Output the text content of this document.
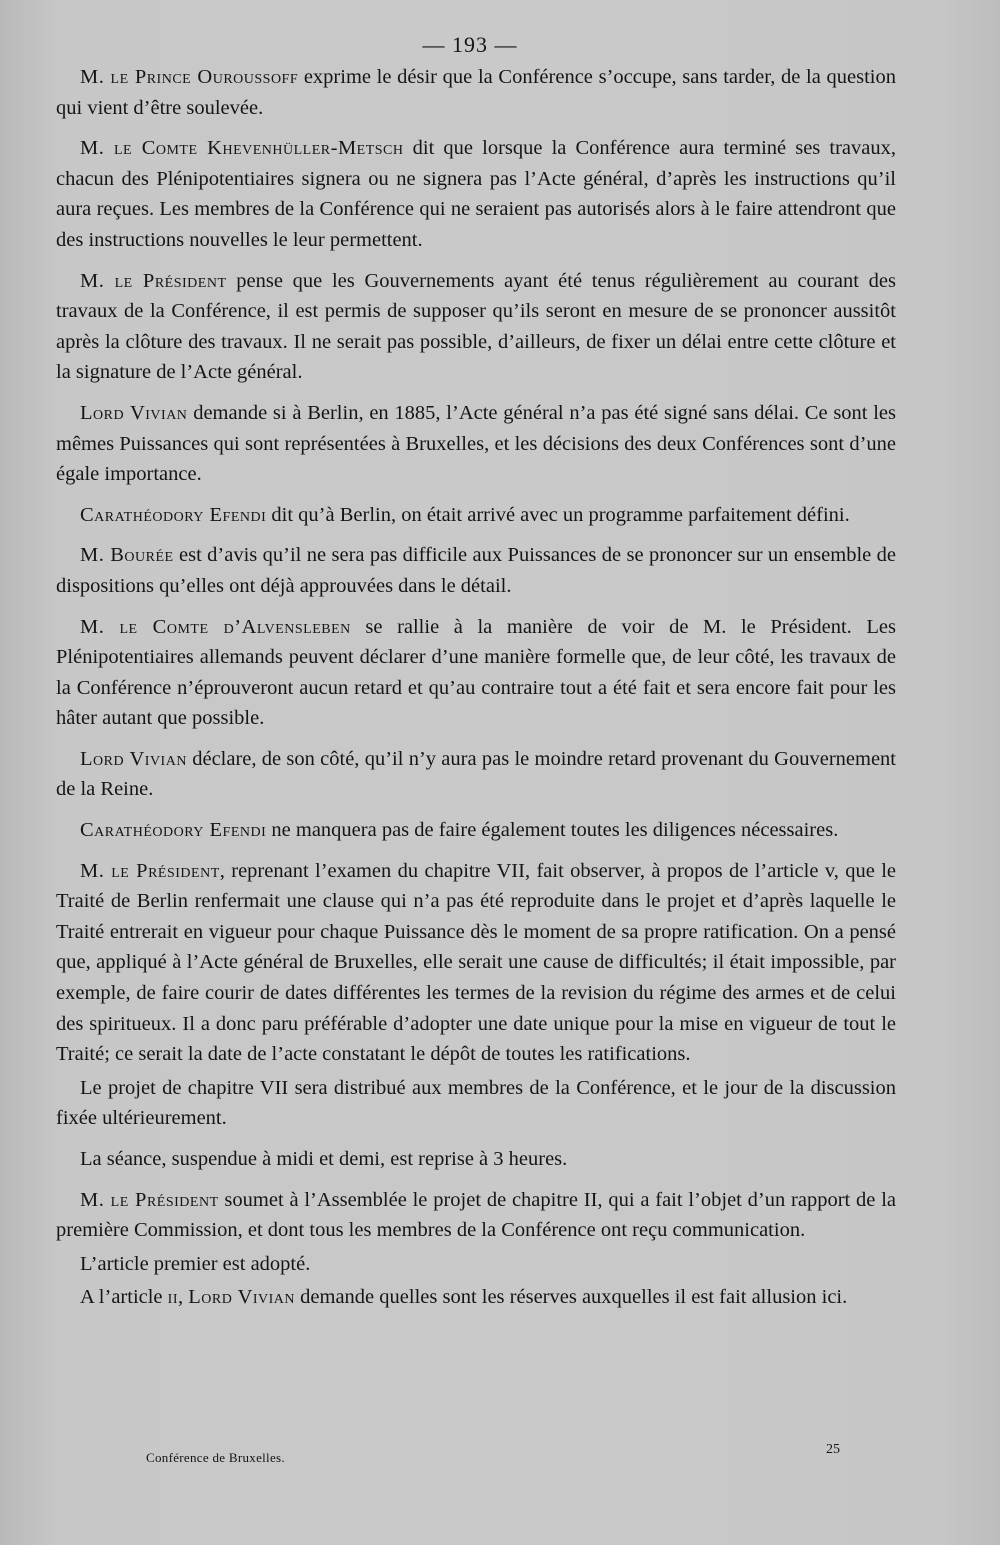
— 193 —

M. le Prince Ouroussoff exprime le désir que la Conférence s’occupe, sans tarder, de la question qui vient d’être soulevée.

M. le Comte Khevenhüller-Metsch dit que lorsque la Conférence aura terminé ses travaux, chacun des Plénipotentiaires signera ou ne signera pas l’Acte général, d’après les instructions qu’il aura reçues. Les membres de la Conférence qui ne seraient pas autorisés alors à le faire attendront que des instructions nouvelles le leur permettent.

M. le Président pense que les Gouvernements ayant été tenus régulièrement au courant des travaux de la Conférence, il est permis de supposer qu’ils seront en mesure de se prononcer aussitôt après la clôture des travaux. Il ne serait pas possible, d’ailleurs, de fixer un délai entre cette clôture et la signature de l’Acte général.

Lord Vivian demande si à Berlin, en 1885, l’Acte général n’a pas été signé sans délai. Ce sont les mêmes Puissances qui sont représentées à Bruxelles, et les décisions des deux Conférences sont d’une égale importance.

Carathéodory Efendi dit qu’à Berlin, on était arrivé avec un programme parfaitement défini.

M. Bourée est d’avis qu’il ne sera pas difficile aux Puissances de se prononcer sur un ensemble de dispositions qu’elles ont déjà approuvées dans le détail.

M. le Comte d’Alvensleben se rallie à la manière de voir de M. le Président. Les Plénipotentiaires allemands peuvent déclarer d’une manière formelle que, de leur côté, les travaux de la Conférence n’éprouveront aucun retard et qu’au contraire tout a été fait et sera encore fait pour les hâter autant que possible.

Lord Vivian déclare, de son côté, qu’il n’y aura pas le moindre retard provenant du Gouvernement de la Reine.

Carathéodory Efendi ne manquera pas de faire également toutes les diligences nécessaires.

M. le Président, reprenant l’examen du chapitre VII, fait observer, à propos de l’article v, que le Traité de Berlin renfermait une clause qui n’a pas été reproduite dans le projet et d’après laquelle le Traité entrerait en vigueur pour chaque Puissance dès le moment de sa propre ratification. On a pensé que, appliqué à l’Acte général de Bruxelles, elle serait une cause de difficultés; il était impossible, par exemple, de faire courir de dates différentes les termes de la revision du régime des armes et de celui des spiritueux. Il a donc paru préférable d’adopter une date unique pour la mise en vigueur de tout le Traité; ce serait la date de l’acte constatant le dépôt de toutes les ratifications.

Le projet de chapitre VII sera distribué aux membres de la Conférence, et le jour de la discussion fixée ultérieurement.

La séance, suspendue à midi et demi, est reprise à 3 heures.

M. le Président soumet à l’Assemblée le projet de chapitre II, qui a fait l’objet d’un rapport de la première Commission, et dont tous les membres de la Conférence ont reçu communication.

L’article premier est adopté.

A l’article ii, Lord Vivian demande quelles sont les réserves auxquelles il est fait allusion ici.

Conférence de Bruxelles.
25
